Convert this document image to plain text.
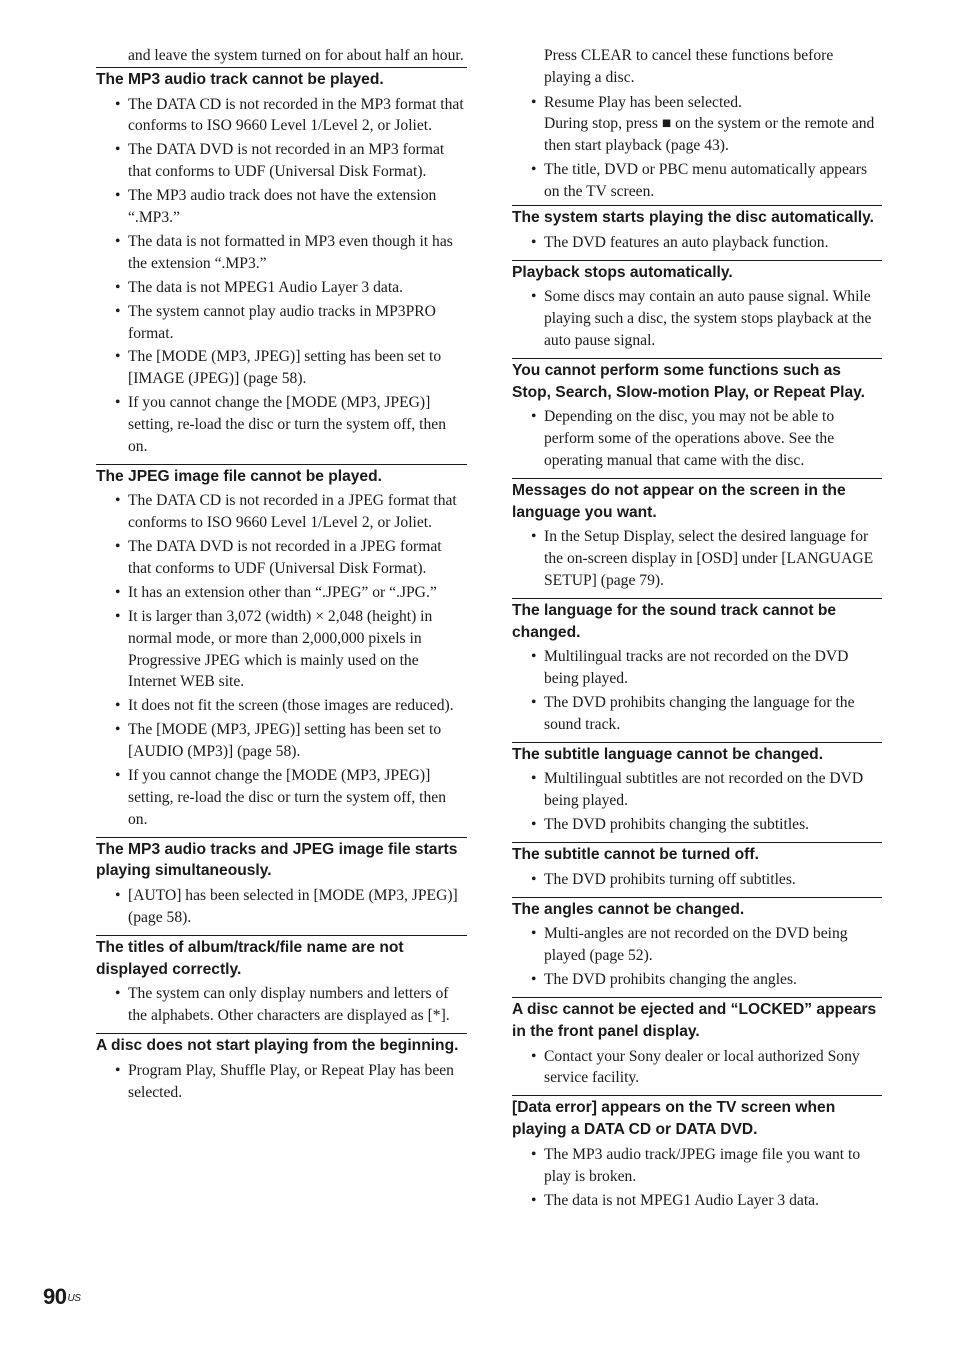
and leave the system turned on for about half an hour.

The MP3 audio track cannot be played.
• The DATA CD is not recorded in the MP3 format that conforms to ISO 9660 Level 1/Level 2, or Joliet.
• The DATA DVD is not recorded in an MP3 format that conforms to UDF (Universal Disk Format).
• The MP3 audio track does not have the extension “.MP3.”
• The data is not formatted in MP3 even though it has the extension “.MP3.”
• The data is not MPEG1 Audio Layer 3 data.
• The system cannot play audio tracks in MP3PRO format.
• The [MODE (MP3, JPEG)] setting has been set to [IMAGE (JPEG)] (page 58).
• If you cannot change the [MODE (MP3, JPEG)] setting, re-load the disc or turn the system off, then on.
The JPEG image file cannot be played.
• The DATA CD is not recorded in a JPEG format that conforms to ISO 9660 Level 1/Level 2, or Joliet.
• The DATA DVD is not recorded in a JPEG format that conforms to UDF (Universal Disk Format).
• It has an extension other than “.JPEG” or “.JPG.”
• It is larger than 3,072 (width) × 2,048 (height) in normal mode, or more than 2,000,000 pixels in Progressive JPEG which is mainly used on the Internet WEB site.
• It does not fit the screen (those images are reduced).
• The [MODE (MP3, JPEG)] setting has been set to [AUDIO (MP3)] (page 58).
• If you cannot change the [MODE (MP3, JPEG)] setting, re-load the disc or turn the system off, then on.
The MP3 audio tracks and JPEG image file starts playing simultaneously.
• [AUTO] has been selected in [MODE (MP3, JPEG)] (page 58).
The titles of album/track/file name are not displayed correctly.
• The system can only display numbers and letters of the alphabets. Other characters are displayed as [*].
A disc does not start playing from the beginning.
• Program Play, Shuffle Play, or Repeat Play has been selected.

Press CLEAR to cancel these functions before playing a disc.

• Resume Play has been selected.
During stop, press ■ on the system or the remote and then start playback (page 43).
• The title, DVD or PBC menu automatically appears on the TV screen.
The system starts playing the disc automatically.
• The DVD features an auto playback function.
Playback stops automatically.
• Some discs may contain an auto pause signal. While playing such a disc, the system stops playback at the auto pause signal.
You cannot perform some functions such as Stop, Search, Slow-motion Play, or Repeat Play.
• Depending on the disc, you may not be able to perform some of the operations above. See the operating manual that came with the disc.
Messages do not appear on the screen in the language you want.
• In the Setup Display, select the desired language for the on-screen display in [OSD] under [LANGUAGE SETUP] (page 79).
The language for the sound track cannot be changed.
• Multilingual tracks are not recorded on the DVD being played.
• The DVD prohibits changing the language for the sound track.
The subtitle language cannot be changed.
• Multilingual subtitles are not recorded on the DVD being played.
• The DVD prohibits changing the subtitles.
The subtitle cannot be turned off.
• The DVD prohibits turning off subtitles.
The angles cannot be changed.
• Multi-angles are not recorded on the DVD being played (page 52).
• The DVD prohibits changing the angles.
A disc cannot be ejected and “LOCKED” appears in the front panel display.
• Contact your Sony dealer or local authorized Sony service facility.
[Data error] appears on the TV screen when playing a DATA CD or DATA DVD.
• The MP3 audio track/JPEG image file you want to play is broken.
• The data is not MPEG1 Audio Layer 3 data.
$90^{US}$
